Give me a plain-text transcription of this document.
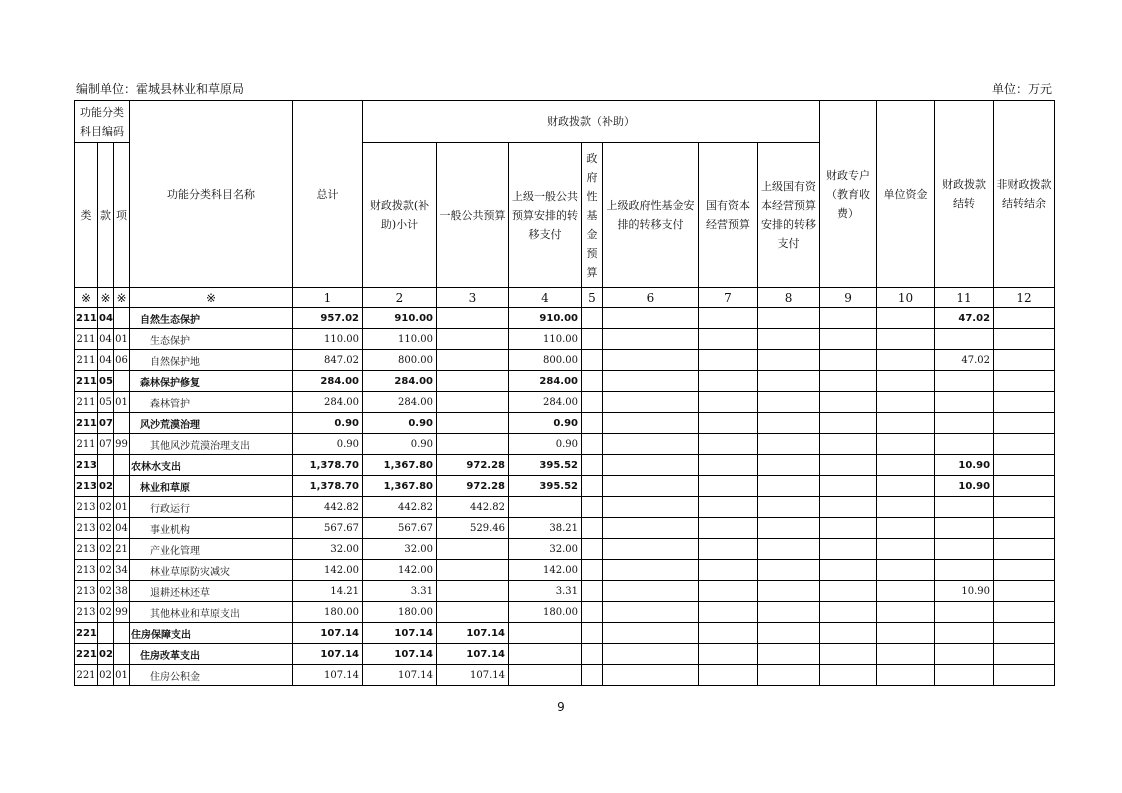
编制单位：霍城县林业和草原局	单位：万元
功能分类科目编码			功能分类科目名称	总计	财政拨款（补助）							财政专户（教育收费）	单位资金	财政拨款结转	非财政拨款结转结余
类	款	项			财政拨款(补助)小计	一般公共预算	上级一般公共预算安排的转移支付	政府性基金预算	上级政府性基金安排的转移支付	国有资本经营预算	上级国有资本经营预算安排的转移支付				
※	※	※	※	1	2	3	4	5	6	7	8	9	10	11	12
211	04		自然生态保护	957.02	910.00		910.00							47.02	
211	04	01	生态保护	110.00	110.00		110.00								
211	04	06	自然保护地	847.02	800.00		800.00							47.02	
211	05		森林保护修复	284.00	284.00		284.00								
211	05	01	森林管护	284.00	284.00		284.00								
211	07		风沙荒漠治理	0.90	0.90		0.90								
211	07	99	其他风沙荒漠治理支出	0.90	0.90		0.90								
213			农林水支出	1,378.70	1,367.80	972.28	395.52							10.90	
213	02		林业和草原	1,378.70	1,367.80	972.28	395.52							10.90	
213	02	01	行政运行	442.82	442.82	442.82									
213	02	04	事业机构	567.67	567.67	529.46	38.21								
213	02	21	产业化管理	32.00	32.00		32.00								
213	02	34	林业草原防灾减灾	142.00	142.00		142.00								
213	02	38	退耕还林还草	14.21	3.31		3.31							10.90	
213	02	99	其他林业和草原支出	180.00	180.00		180.00								
221			住房保障支出	107.14	107.14	107.14									
221	02		住房改革支出	107.14	107.14	107.14									
221	02	01	住房公积金	107.14	107.14	107.14									
9
